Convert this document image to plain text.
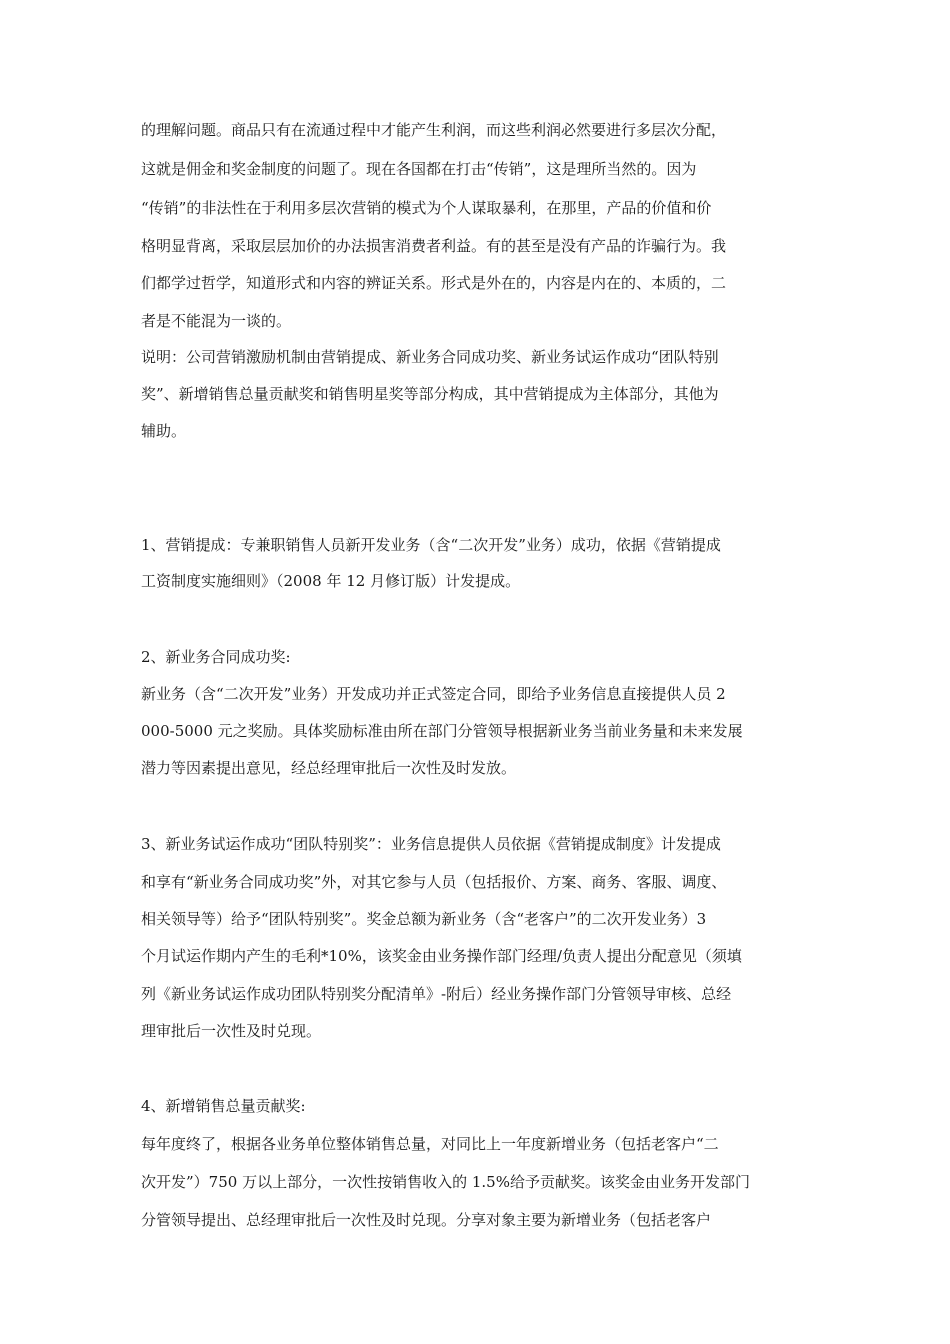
的理解问题。商品只有在流通过程中才能产生利润，而这些利润必然要进行多层次分配，
这就是佣金和奖金制度的问题了。现在各国都在打击“传销”，这是理所当然的。因为
“传销”的非法性在于利用多层次营销的模式为个人谋取暴利，在那里，产品的价值和价
格明显背离，采取层层加价的办法损害消费者利益。有的甚至是没有产品的诈骗行为。我
们都学过哲学，知道形式和内容的辨证关系。形式是外在的，内容是内在的、本质的，二
者是不能混为一谈的。
说明：公司营销激励机制由营销提成、新业务合同成功奖、新业务试运作成功“团队特别
奖”、新增销售总量贡献奖和销售明星奖等部分构成，其中营销提成为主体部分，其他为
辅助。
1、营销提成：专兼职销售人员新开发业务（含“二次开发”业务）成功，依据《营销提成
工资制度实施细则》（2008 年 12 月修订版）计发提成。
2、新业务合同成功奖:
新业务（含“二次开发”业务）开发成功并正式签定合同，即给予业务信息直接提供人员 2
000-5000 元之奖励。具体奖励标准由所在部门分管领导根据新业务当前业务量和未来发展
潜力等因素提出意见，经总经理审批后一次性及时发放。
3、新业务试运作成功“团队特别奖”：业务信息提供人员依据《营销提成制度》计发提成
和享有“新业务合同成功奖”外，对其它参与人员（包括报价、方案、商务、客服、调度、
相关领导等）给予“团队特别奖”。奖金总额为新业务（含“老客户”的二次开发业务）3
个月试运作期内产生的毛利*10%，该奖金由业务操作部门经理/负责人提出分配意见（须填
列《新业务试运作成功团队特别奖分配清单》-附后）经业务操作部门分管领导审核、总经
理审批后一次性及时兑现。
4、新增销售总量贡献奖:
每年度终了，根据各业务单位整体销售总量，对同比上一年度新增业务（包括老客户“二
次开发”）750 万以上部分，一次性按销售收入的 1.5%给予贡献奖。该奖金由业务开发部门
分管领导提出、总经理审批后一次性及时兑现。分享对象主要为新增业务（包括老客户
